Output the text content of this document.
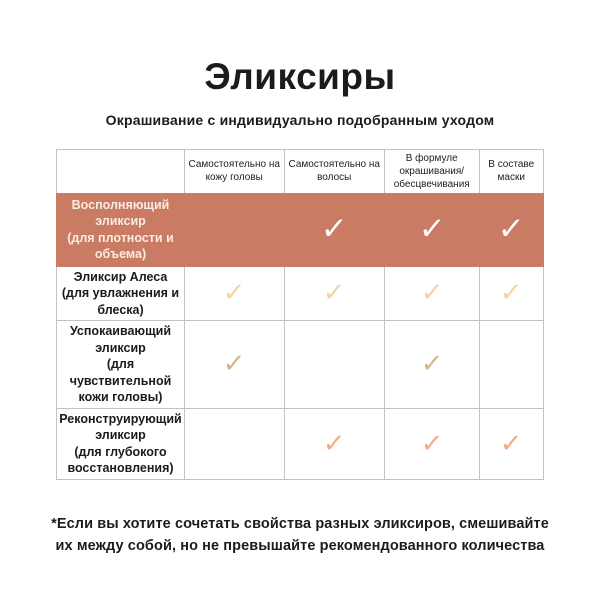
Эликсиры
Окрашивание с индивидуально подобранным уходом
	Самостоятельно на кожу головы	Самостоятельно на волосы	В формуле окрашивания/ обесцвечивания	В составе маски

Восполняющий эликсир
(для плотности и объема)		✓	✓	✓

Эликсир Алеса
(для увлажнения и блеска)	✓	✓	✓	✓

Успокаивающий эликсир
(для чувствительной кожи головы)	✓		✓	

Реконструирующий эликсир
(для глубокого восстановления)		✓	✓	✓
*Если вы хотите сочетать свойства разных эликсиров, смешивайте
их между собой, но не превышайте рекомендованного количества
